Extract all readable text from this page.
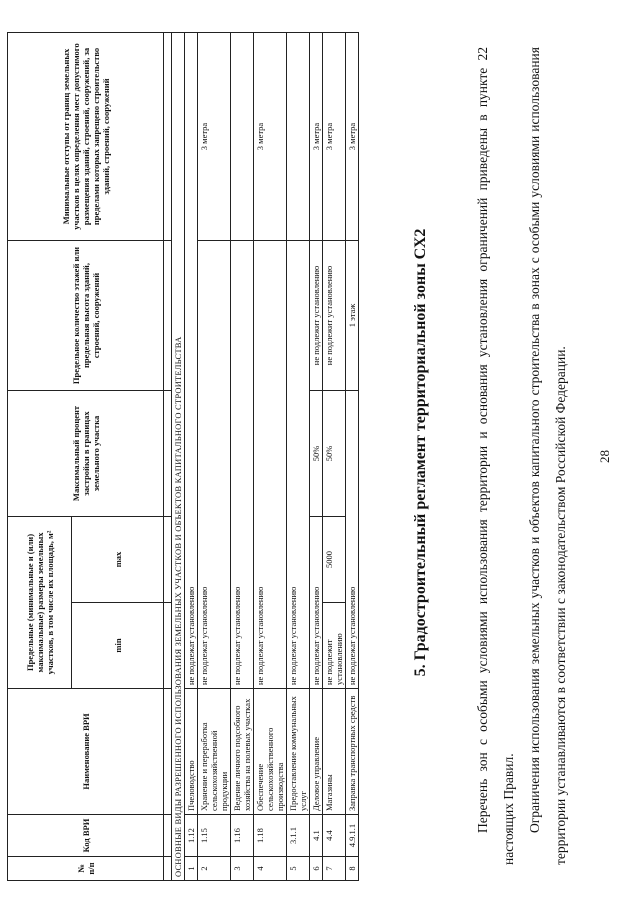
28
Ограничения использования земельных участков и объектов капитального строительства в зонах с особыми условиями использования территории устанавливаются в соответствии с законодательством Российской Федерации.
Перечень зон с особыми условиями использования территории и основания установления ограничений приведены в пункте 22 настоящих Правил.
5. Градостроительный регламент территориальной зоны СХ2
№ п/п	Код ВРИ	Наименование ВРИ	Предельные (минимальные и (или) максимальные) размеры земельных участков, в том числе их площадь, м²		Максимальный процент застройки в границах земельного участка	Предельное количество этажей или предельная высота зданий, строений, сооружений	Минимальные отступы от границ земельных участков в целях определения мест допустимого размещения зданий, строений, сооружений, за пределами которых запрещено строительство зданий, строений, сооружений
			min	max			

ОСНОВНЫЕ ВИДЫ РАЗРЕШЕННОГО ИСПОЛЬЗОВАНИЯ ЗЕМЕЛЬНЫХ УЧАСТКОВ И ОБЪЕКТОВ КАПИТАЛЬНОГО СТРОИТЕЛЬСТВА							
1	1.12	Пчеловодство	не подлежат установлению				
2	1.15	Хранение и переработка сельскохозяйственной продукции	не подлежат установлению				3 метра
3	1.16	Ведение личного подсобного хозяйства на полевых участках	не подлежат установлению				
4	1.18	Обеспечение сельскохозяйственного производства	не подлежат установлению				3 метра
5	3.1.1	Предоставление коммунальных услуг	не подлежат установлению				
6	4.1	Деловое управление	не подлежат установлению		50%	не подлежит установлению	3 метра
7	4.4	Магазины	не подлежит установлению	5000	50%	не подлежит установлению	3 метра
8	4.9.1.1	Заправка транспортных средств	не подлежат установлению			1 этаж	3 метра
